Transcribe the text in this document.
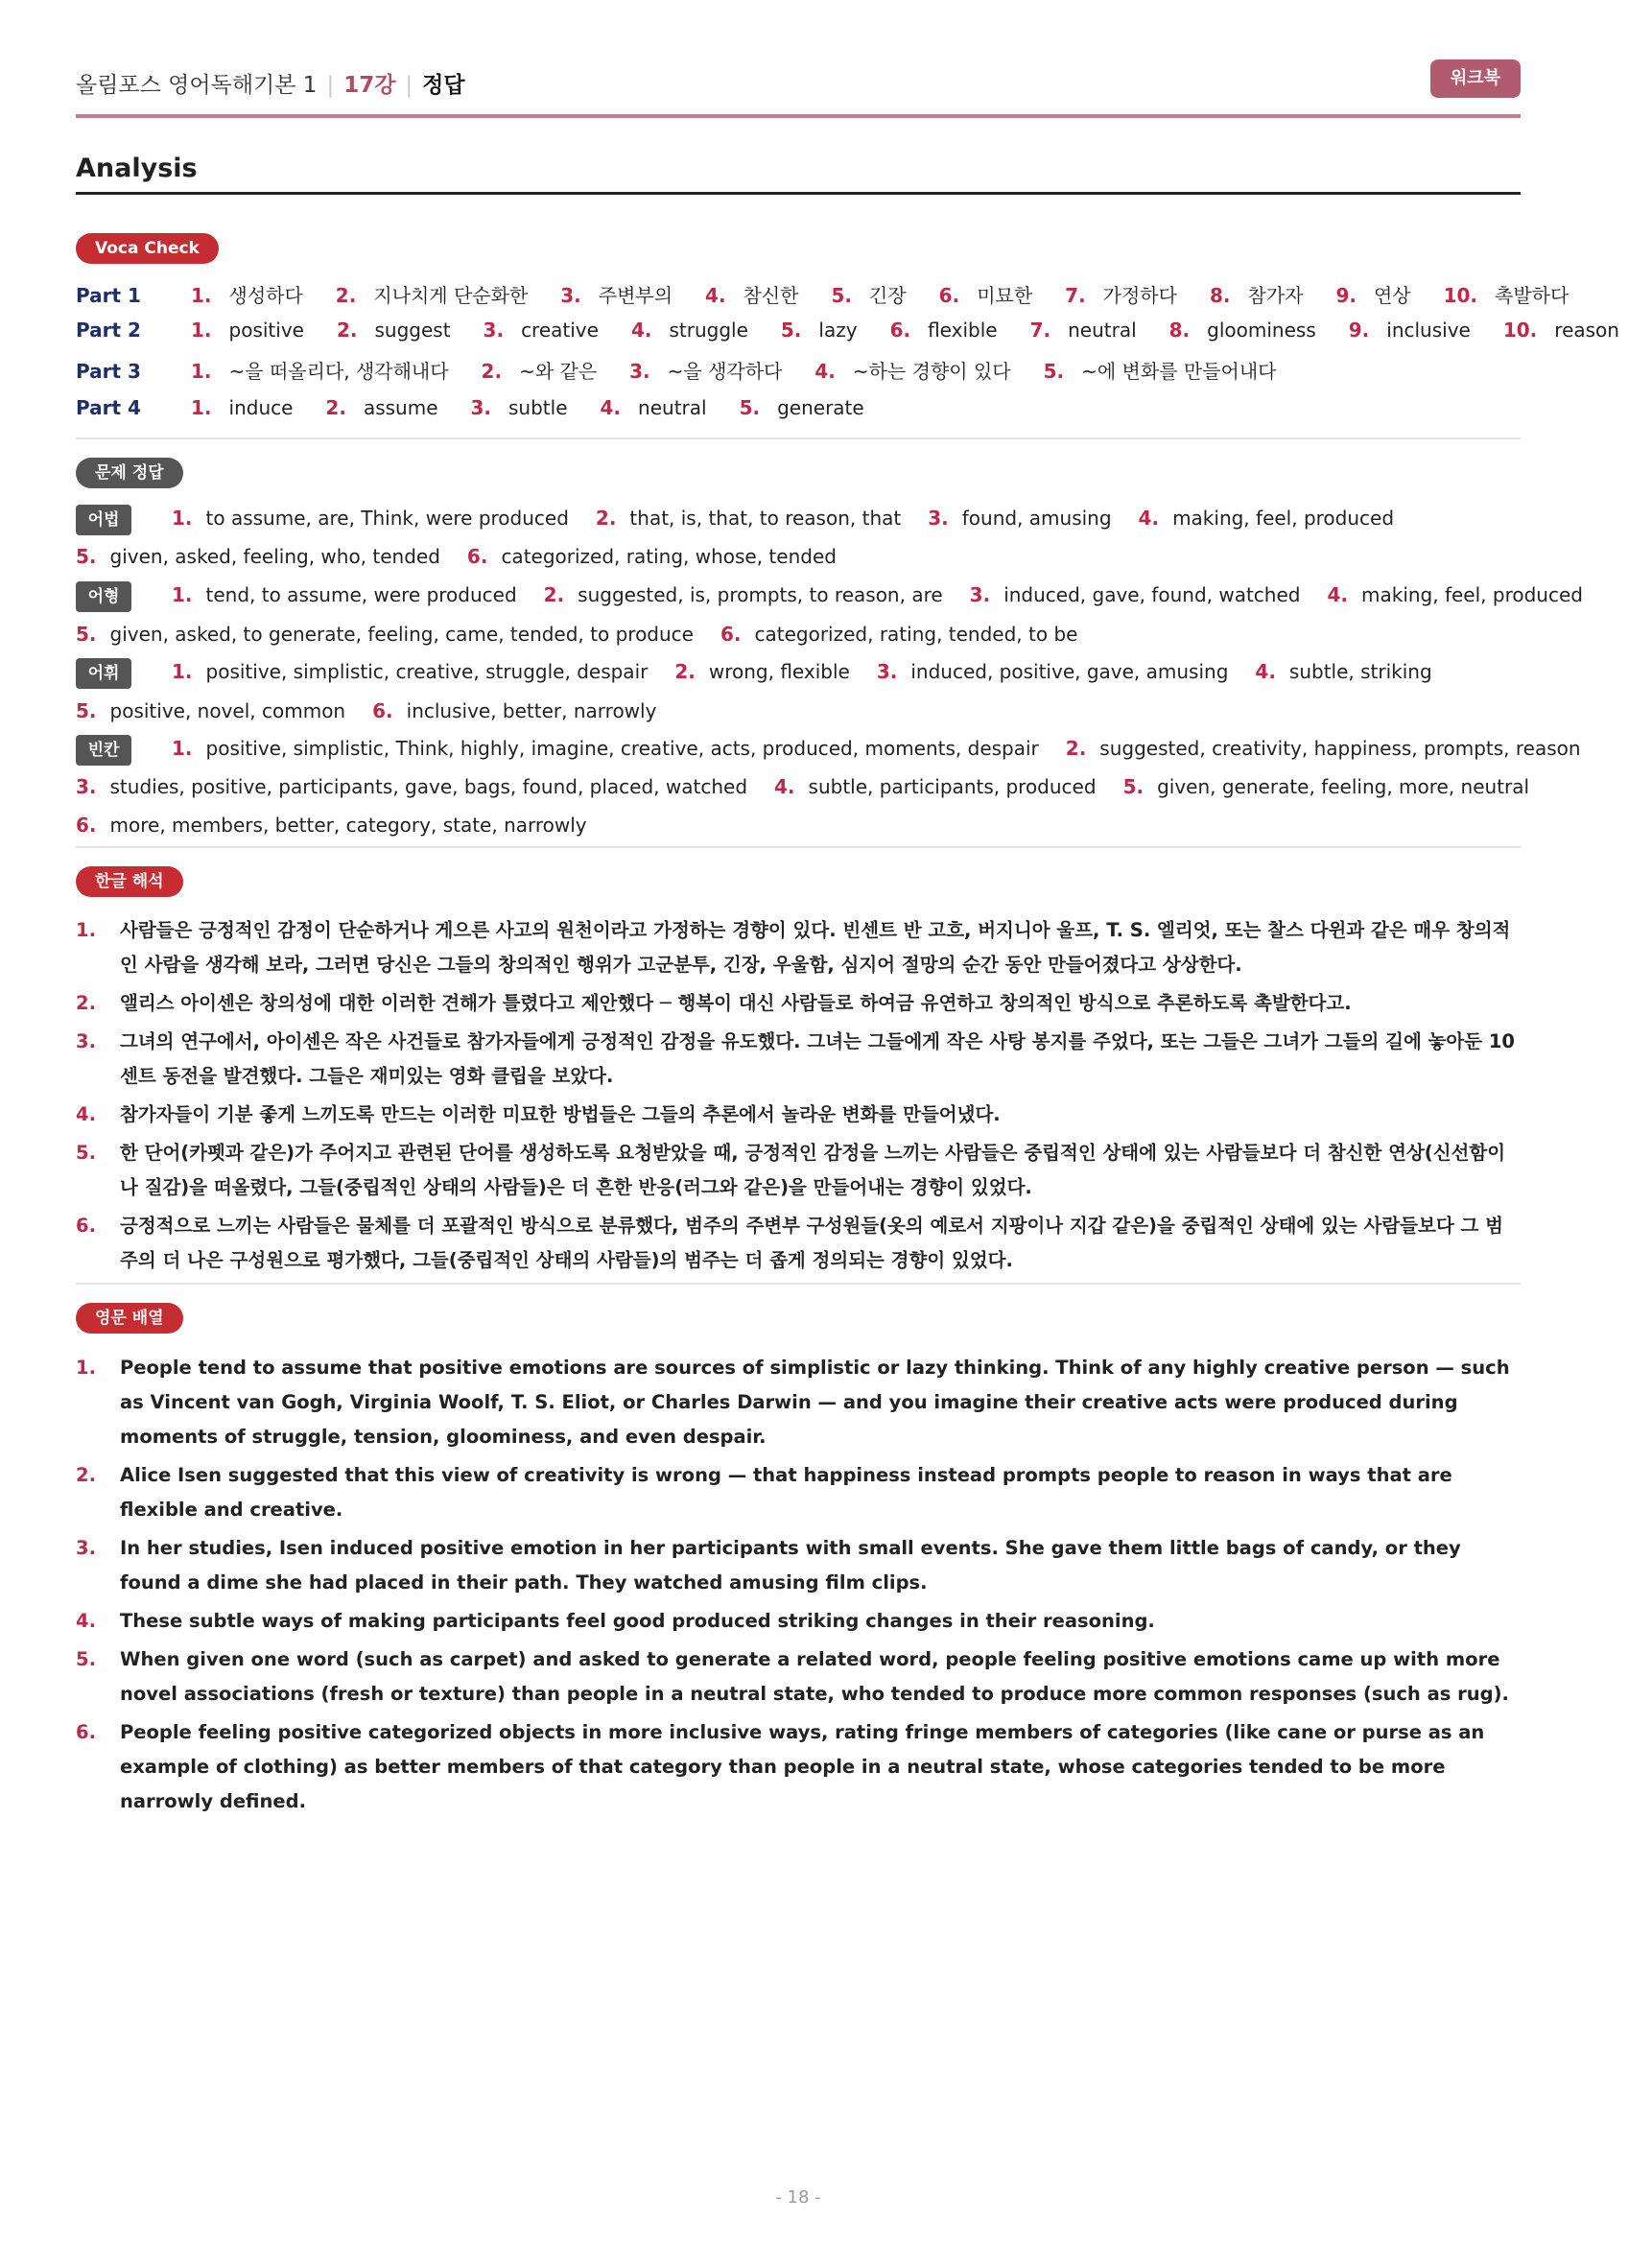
올림포스 영어독해기본 1 | 17강 | 정답	워크북
Analysis
Voca Check
Part 1	1. 생성하다 2. 지나치게 단순화한 3. 주변부의 4. 참신한 5. 긴장 6. 미묘한 7. 가정하다 8. 참가자 9. 연상 10. 촉발하다
Part 2	1. positive 2. suggest 3. creative 4. struggle 5. lazy 6. flexible 7. neutral 8. gloominess 9. inclusive 10. reason
Part 3	1. ~을 떠올리다, 생각해내다 2. ~와 같은 3. ~을 생각하다 4. ~하는 경향이 있다 5. ~에 변화를 만들어내다
Part 4	1. induce 2. assume 3. subtle 4. neutral 5. generate
문제 정답
어법	1. to assume, are, Think, were produced 2. that, is, that, to reason, that 3. found, amusing 4. making, feel, produced
5. given, asked, feeling, who, tended 6. categorized, rating, whose, tended
어형	1. tend, to assume, were produced 2. suggested, is, prompts, to reason, are 3. induced, gave, found, watched 4. making, feel, produced
5. given, asked, to generate, feeling, came, tended, to produce 6. categorized, rating, tended, to be
어휘	1. positive, simplistic, creative, struggle, despair 2. wrong, flexible 3. induced, positive, gave, amusing 4. subtle, striking
5. positive, novel, common 6. inclusive, better, narrowly
빈칸	1. positive, simplistic, Think, highly, imagine, creative, acts, produced, moments, despair 2. suggested, creativity, happiness, prompts, reason
3. studies, positive, participants, gave, bags, found, placed, watched 4. subtle, participants, produced 5. given, generate, feeling, more, neutral
6. more, members, better, category, state, narrowly
한글 해석
1. 사람들은 긍정적인 감정이 단순하거나 게으른 사고의 원천이라고 가정하는 경향이 있다. 빈센트 반 고흐, 버지니아 울프, T. S. 엘리엇, 또는 찰스 다윈과 같은 매우 창의적인 사람을 생각해 보라, 그러면 당신은 그들의 창의적인 행위가 고군분투, 긴장, 우울함, 심지어 절망의 순간 동안 만들어졌다고 상상한다.
2. 앨리스 아이센은 창의성에 대한 이러한 견해가 틀렸다고 제안했다 ─ 행복이 대신 사람들로 하여금 유연하고 창의적인 방식으로 추론하도록 촉발한다고.
3. 그녀의 연구에서, 아이센은 작은 사건들로 참가자들에게 긍정적인 감정을 유도했다. 그녀는 그들에게 작은 사탕 봉지를 주었다, 또는 그들은 그녀가 그들의 길에 놓아둔 10센트 동전을 발견했다. 그들은 재미있는 영화 클립을 보았다.
4. 참가자들이 기분 좋게 느끼도록 만드는 이러한 미묘한 방법들은 그들의 추론에서 놀라운 변화를 만들어냈다.
5. 한 단어(카펫과 같은)가 주어지고 관련된 단어를 생성하도록 요청받았을 때, 긍정적인 감정을 느끼는 사람들은 중립적인 상태에 있는 사람들보다 더 참신한 연상(신선함이나 질감)을 떠올렸다, 그들(중립적인 상태의 사람들)은 더 흔한 반응(러그와 같은)을 만들어내는 경향이 있었다.
6. 긍정적으로 느끼는 사람들은 물체를 더 포괄적인 방식으로 분류했다, 범주의 주변부 구성원들(옷의 예로서 지팡이나 지갑 같은)을 중립적인 상태에 있는 사람들보다 그 범주의 더 나은 구성원으로 평가했다, 그들(중립적인 상태의 사람들)의 범주는 더 좁게 정의되는 경향이 있었다.
영문 배열
1. People tend to assume that positive emotions are sources of simplistic or lazy thinking. Think of any highly creative person — such as Vincent van Gogh, Virginia Woolf, T. S. Eliot, or Charles Darwin — and you imagine their creative acts were produced during moments of struggle, tension, gloominess, and even despair.
2. Alice Isen suggested that this view of creativity is wrong — that happiness instead prompts people to reason in ways that are flexible and creative.
3. In her studies, Isen induced positive emotion in her participants with small events. She gave them little bags of candy, or they found a dime she had placed in their path. They watched amusing film clips.
4. These subtle ways of making participants feel good produced striking changes in their reasoning.
5. When given one word (such as carpet) and asked to generate a related word, people feeling positive emotions came up with more novel associations (fresh or texture) than people in a neutral state, who tended to produce more common responses (such as rug).
6. People feeling positive categorized objects in more inclusive ways, rating fringe members of categories (like cane or purse as an example of clothing) as better members of that category than people in a neutral state, whose categories tended to be more narrowly defined.
- 18 -
